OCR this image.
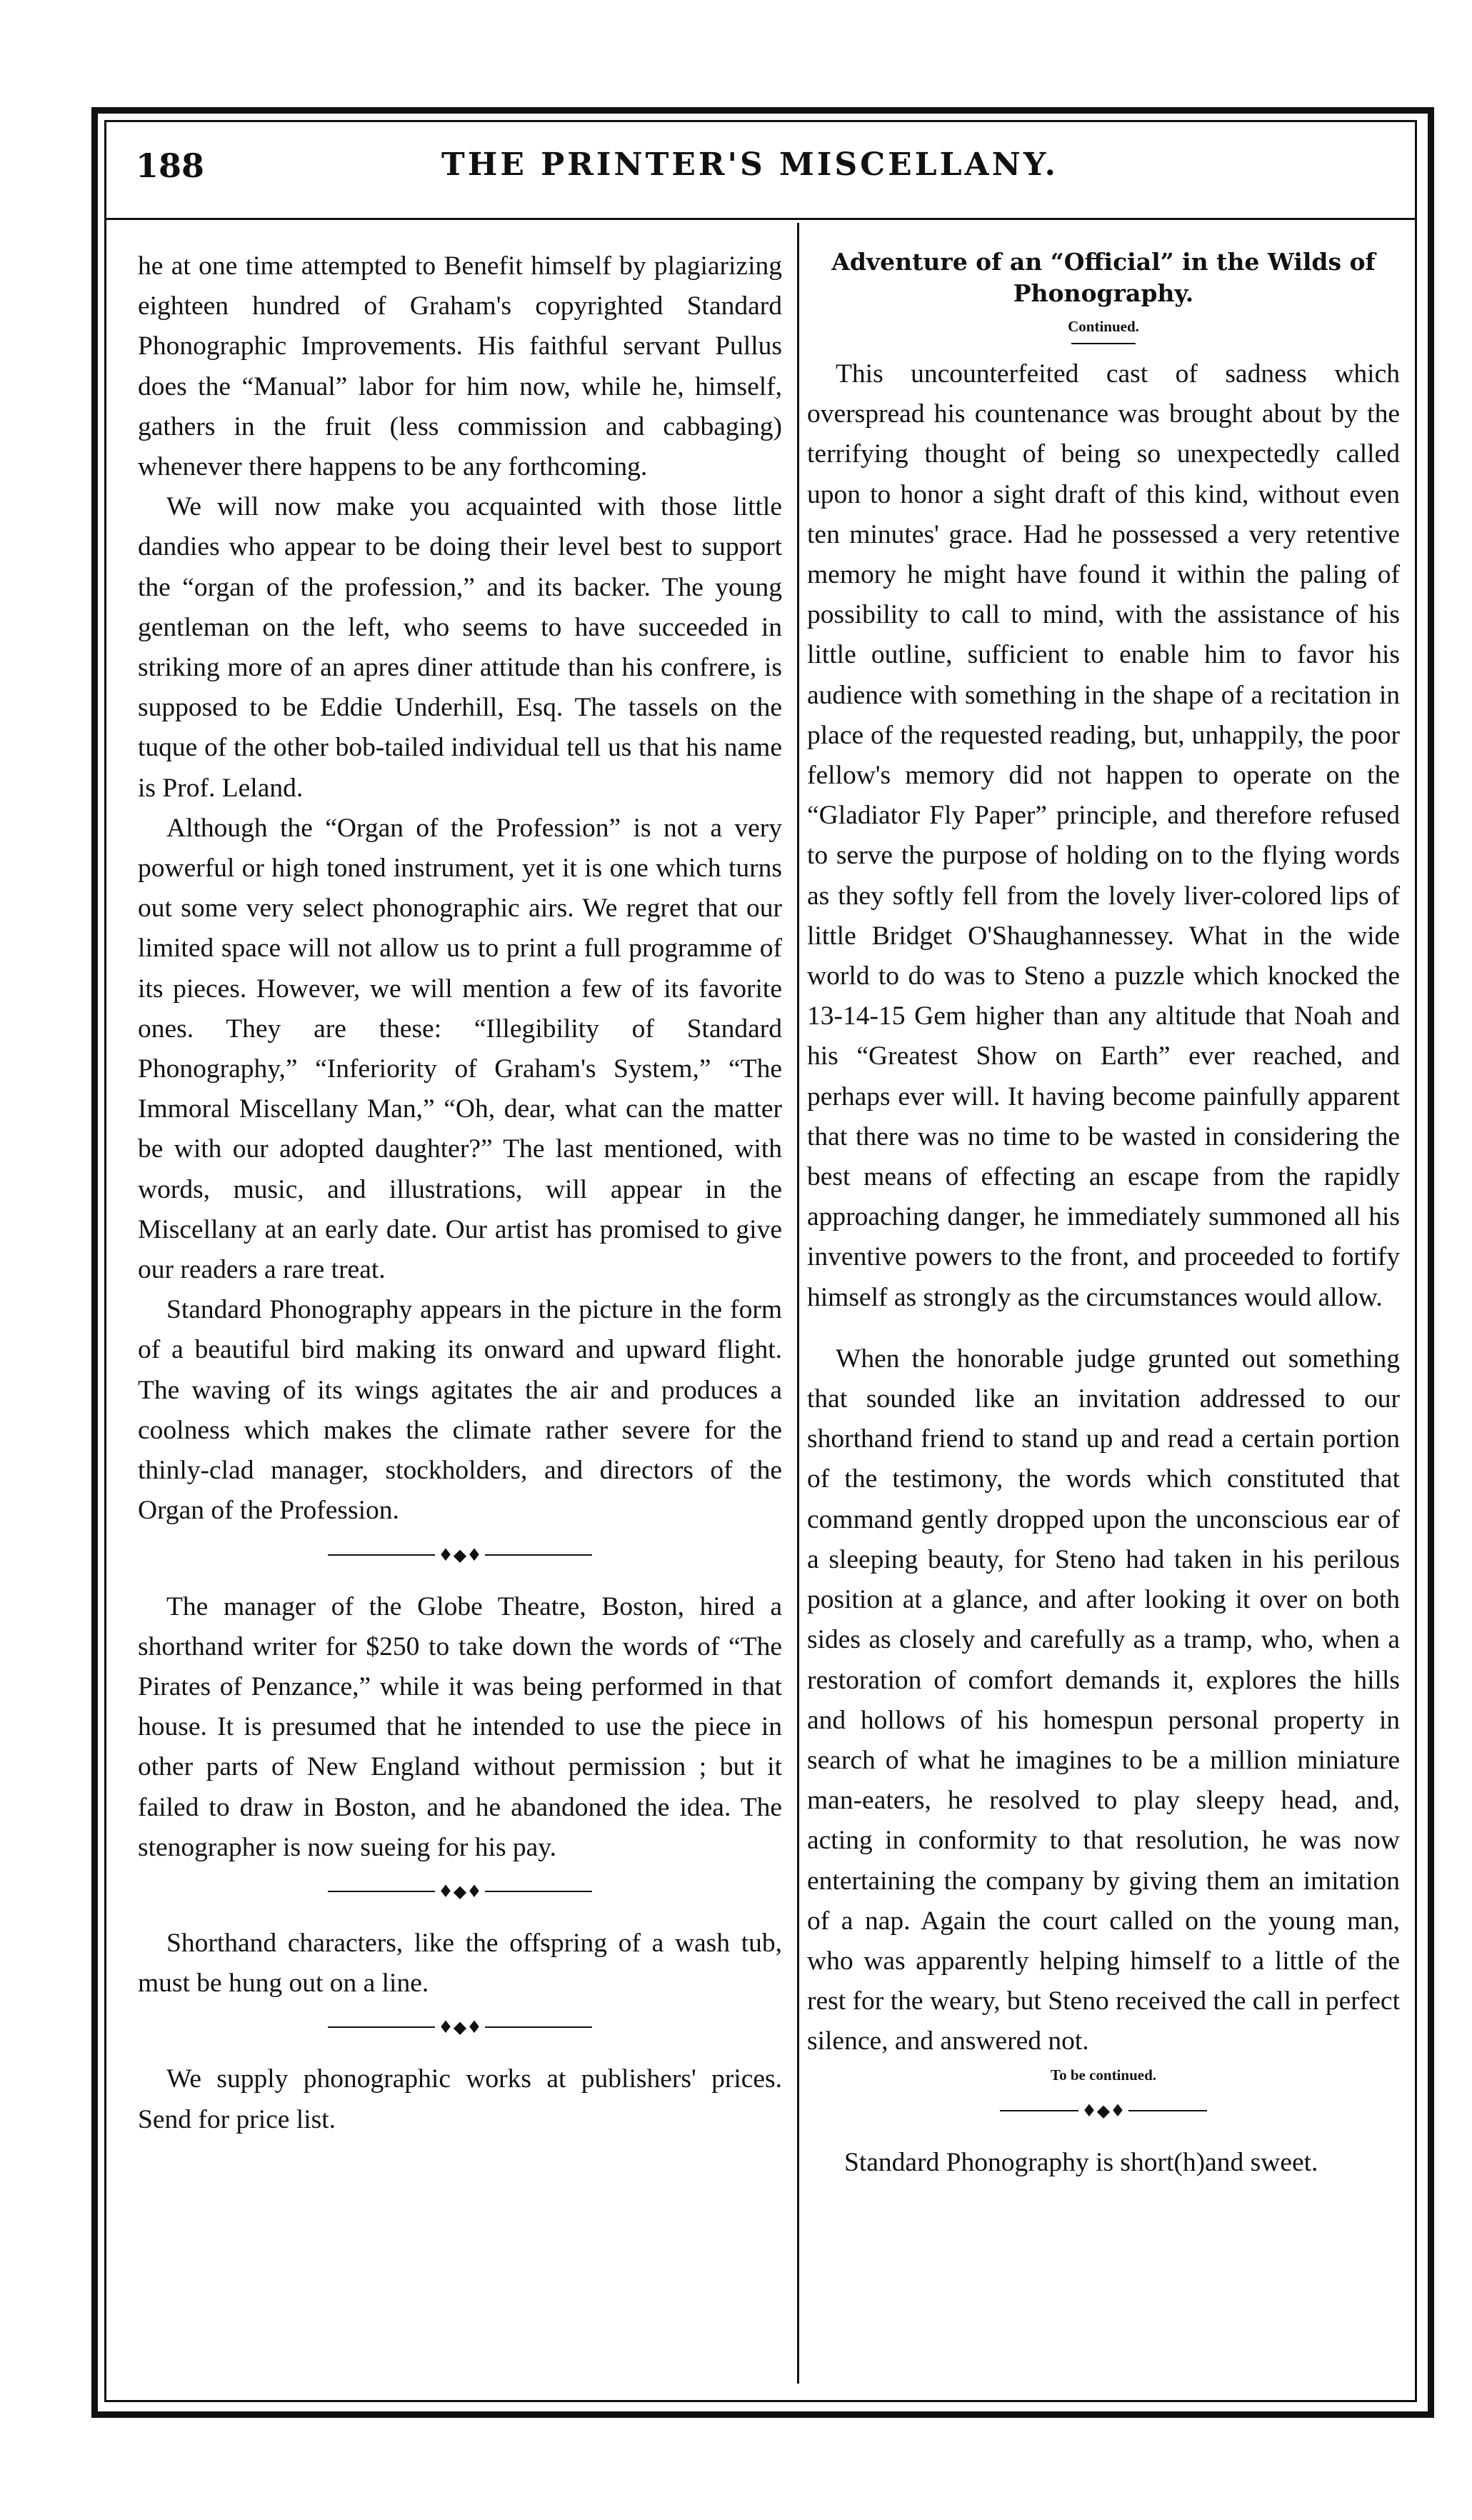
188	THE PRINTER'S MISCELLANY.

he at one time attempted to Benefit himself by plagiarizing eighteen hundred of Graham's copyrighted Standard Phonographic Improvements. His faithful servant Pullus does the “Manual” labor for him now, while he, himself, gathers in the fruit (less commission and cabbaging) whenever there happens to be any forthcoming.

We will now make you acquainted with those little dandies who appear to be doing their level best to support the “organ of the profession,” and its backer. The young gentleman on the left, who seems to have succeeded in striking more of an apres diner attitude than his confrere, is supposed to be Eddie Underhill, Esq. The tassels on the tuque of the other bob-tailed individual tell us that his name is Prof. Leland.

Although the “Organ of the Profession” is not a very powerful or high toned instrument, yet it is one which turns out some very select phonographic airs. We regret that our limited space will not allow us to print a full programme of its pieces. However, we will mention a few of its favorite ones. They are these: “Illegibility of Standard Phonography,” “Inferiority of Graham's System,” “The Immoral Miscellany Man,” “Oh, dear, what can the matter be with our adopted daughter?” The last mentioned, with words, music, and illustrations, will appear in the Miscellany at an early date. Our artist has promised to give our readers a rare treat.

Standard Phonography appears in the picture in the form of a beautiful bird making its onward and upward flight. The waving of its wings agitates the air and produces a coolness which makes the climate rather severe for the thinly-clad manager, stockholders, and directors of the Organ of the Profession.

♦◆♦

The manager of the Globe Theatre, Boston, hired a shorthand writer for $250 to take down the words of “The Pirates of Penzance,” while it was being performed in that house. It is presumed that he intended to use the piece in other parts of New England without permission ; but it failed to draw in Boston, and he abandoned the idea. The stenographer is now sueing for his pay.

♦◆♦

Shorthand characters, like the offspring of a wash tub, must be hung out on a line.

♦◆♦

We supply phonographic works at publishers' prices. Send for price list.

Adventure of an “Official” in the Wilds of Phonography.
Continued.

This uncounterfeited cast of sadness which overspread his countenance was brought about by the terrifying thought of being so unexpectedly called upon to honor a sight draft of this kind, without even ten minutes' grace. Had he possessed a very retentive memory he might have found it within the paling of possibility to call to mind, with the assistance of his little outline, sufficient to enable him to favor his audience with something in the shape of a recitation in place of the requested reading, but, unhappily, the poor fellow's memory did not happen to operate on the “Gladiator Fly Paper” principle, and therefore refused to serve the purpose of holding on to the flying words as they softly fell from the lovely liver-colored lips of little Bridget O'Shaughannessey. What in the wide world to do was to Steno a puzzle which knocked the 13-14-15 Gem higher than any altitude that Noah and his “Greatest Show on Earth” ever reached, and perhaps ever will. It having become painfully apparent that there was no time to be wasted in considering the best means of effecting an escape from the rapidly approaching danger, he immediately summoned all his inventive powers to the front, and proceeded to fortify himself as strongly as the circumstances would allow.

When the honorable judge grunted out something that sounded like an invitation addressed to our shorthand friend to stand up and read a certain portion of the testimony, the words which constituted that command gently dropped upon the unconscious ear of a sleeping beauty, for Steno had taken in his perilous position at a glance, and after looking it over on both sides as closely and carefully as a tramp, who, when a restoration of comfort demands it, explores the hills and hollows of his homespun personal property in search of what he imagines to be a million miniature man-eaters, he resolved to play sleepy head, and, acting in conformity to that resolution, he was now entertaining the company by giving them an imitation of a nap. Again the court called on the young man, who was apparently helping himself to a little of the rest for the weary, but Steno received the call in perfect silence, and answered not.

To be continued.
♦◆♦

Standard Phonography is short(h)and sweet.
